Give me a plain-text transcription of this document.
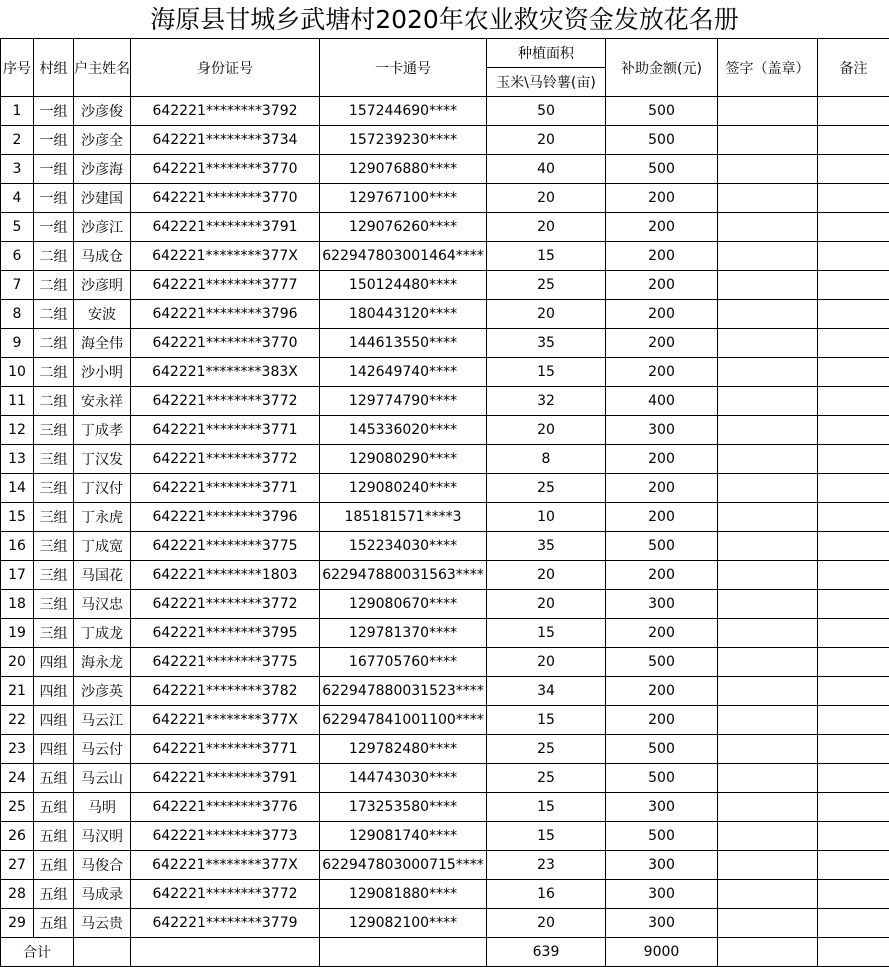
海原县甘城乡武塘村2020年农业救灾资金发放花名册
序号	村组	户主姓名	身份证号	一卡通号	种植面积	补助金额(元)	签字（盖章）	备注
					玉米\马铃薯(亩)			
1	一组	沙彦俊	642221********3792	157244690****	50	500		
2	一组	沙彦全	642221********3734	157239230****	20	500		
3	一组	沙彦海	642221********3770	129076880****	40	500		
4	一组	沙建国	642221********3770	129767100****	20	200		
5	一组	沙彦江	642221********3791	129076260****	20	200		
6	二组	马成仓	642221********377X	622947803001464****	15	200		
7	二组	沙彦明	642221********3777	150124480****	25	200		
8	二组	安波	642221********3796	180443120****	20	200		
9	二组	海全伟	642221********3770	144613550****	35	200		
10	二组	沙小明	642221********383X	142649740****	15	200		
11	二组	安永祥	642221********3772	129774790****	32	400		
12	三组	丁成孝	642221********3771	145336020****	20	300		
13	三组	丁汉发	642221********3772	129080290****	8	200		
14	三组	丁汉付	642221********3771	129080240****	25	200		
15	三组	丁永虎	642221********3796	185181571****3	10	200		
16	三组	丁成宽	642221********3775	152234030****	35	500		
17	三组	马国花	642221********1803	622947880031563****	20	200		
18	三组	马汉忠	642221********3772	129080670****	20	300		
19	三组	丁成龙	642221********3795	129781370****	15	200		
20	四组	海永龙	642221********3775	167705760****	20	500		
21	四组	沙彦英	642221********3782	622947880031523****	34	200		
22	四组	马云江	642221********377X	622947841001100****	15	200		
23	四组	马云付	642221********3771	129782480****	25	500		
24	五组	马云山	642221********3791	144743030****	25	500		
25	五组	马明	642221********3776	173253580****	15	300		
26	五组	马汉明	642221********3773	129081740****	15	500		
27	五组	马俊合	642221********377X	622947803000715****	23	300		
28	五组	马成录	642221********3772	129081880****	16	300		
29	五组	马云贵	642221********3779	129082100****	20	300		
合计					639	9000		
